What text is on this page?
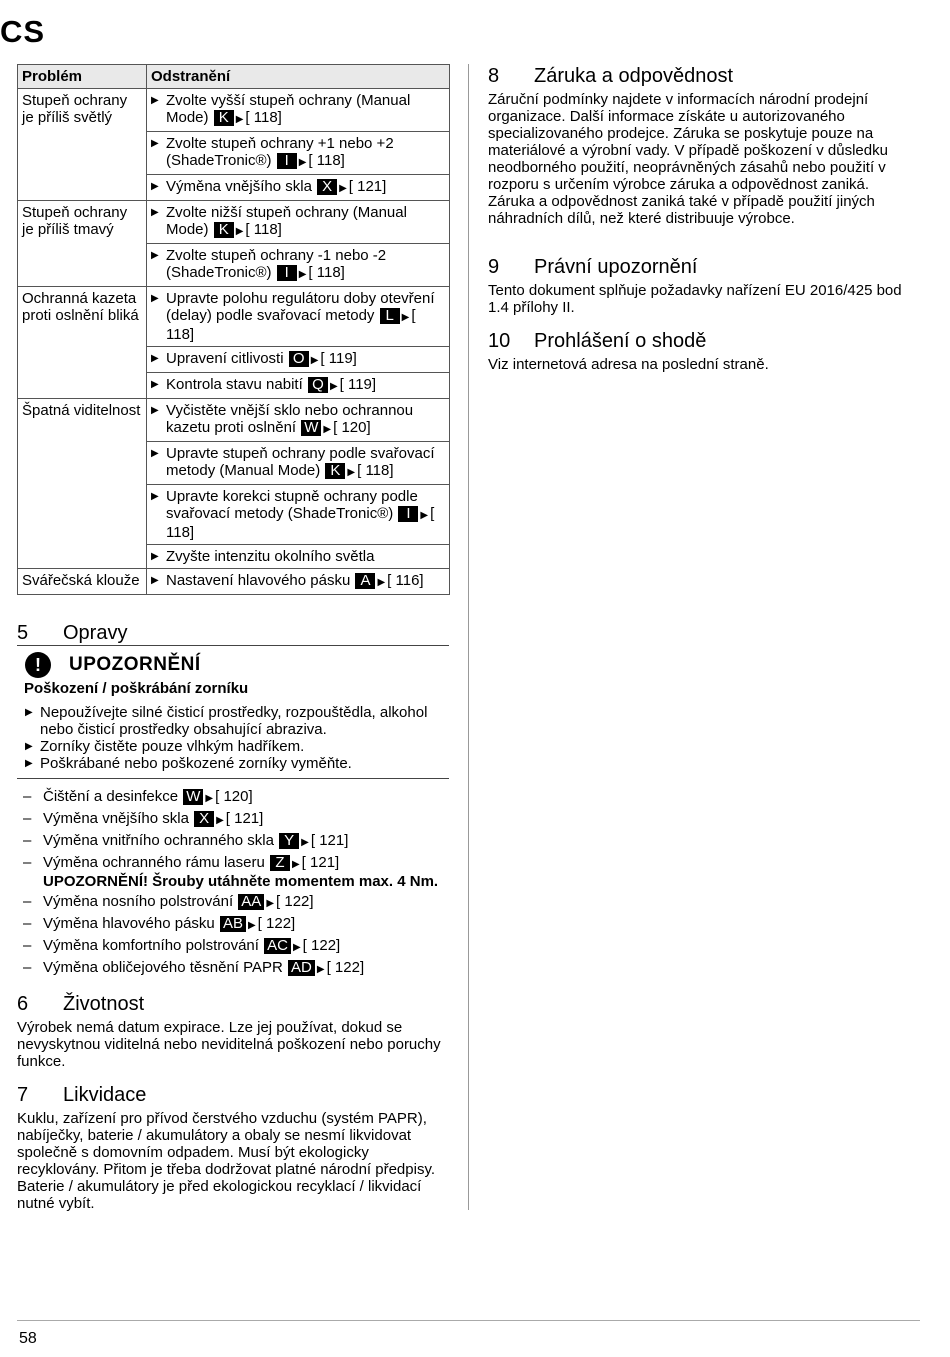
CS
Problém	Odstranění
Stupeň ochrany je příliš světlý	▶ Zvolte vyšší stupeň ochrany (Manual Mode) K ▶ [ 118]

	▶ Zvolte stupeň ochrany +1 nebo +2 (ShadeTronic®) I ▶ [ 118]

	▶ Výměna vnějšího skla X ▶ [ 121]

Stupeň ochrany je příliš tmavý	▶ Zvolte nižší stupeň ochrany (Manual Mode) K ▶ [ 118]

	▶ Zvolte stupeň ochrany -1 nebo -2 (ShadeTronic®) I ▶ [ 118]

Ochranná kazeta proti oslnění bliká	▶ Upravte polohu regulátoru doby otevření (delay) podle svařovací metody L ▶ [ 118]

	▶ Upravení citlivosti O ▶ [ 119]

	▶ Kontrola stavu nabití Q ▶ [ 119]

Špatná viditelnost	▶ Vyčistěte vnější sklo nebo ochrannou kazetu proti oslnění W ▶ [ 120]

	▶ Upravte stupeň ochrany podle svařovací metody (Manual Mode) K ▶ [ 118]

	▶ Upravte korekci stupně ochrany podle svařovací metody (ShadeTronic®) I ▶ [ 118]

	▶ Zvyšte intenzitu okolního světla

Svářečská klouže	▶ Nastavení hlavového pásku A ▶ [ 116]
5 Opravy
!	UPOZORNĚNÍ
Poškození / poškrábání zorníku
▶ Nepoužívejte silné čisticí prostředky, rozpouštědla, alkohol nebo čisticí prostředky obsahující abraziva.
▶ Zorníky čistěte pouze vlhkým hadříkem.
▶ Poškrábané nebo poškozené zorníky vyměňte.
– Čištění a desinfekce W ▶ [ 120]
– Výměna vnějšího skla X ▶ [ 121]
– Výměna vnitřního ochranného skla Y ▶ [ 121]
– Výměna ochranného rámu laseru Z ▶ [ 121]
UPOZORNĚNÍ! Šrouby utáhněte momentem max. 4 Nm.
– Výměna nosního polstrování AA ▶ [ 122]
– Výměna hlavového pásku AB ▶ [ 122]
– Výměna komfortního polstrování AC ▶ [ 122]
– Výměna obličejového těsnění PAPR AD ▶ [ 122]
6 Životnost
Výrobek nemá datum expirace. Lze jej používat, dokud se nevyskytnou viditelná nebo neviditelná poškození nebo poruchy funkce.
7 Likvidace
Kuklu, zařízení pro přívod čerstvého vzduchu (systém PAPR), nabíječky, baterie / akumulátory a obaly se nesmí likvidovat společně s domovním odpadem. Musí být ekologicky recyklovány. Přitom je třeba dodržovat platné národní předpisy. Baterie / akumulátory je před ekologickou recyklací / likvidací nutné vybít.
8 Záruka a odpovědnost
Záruční podmínky najdete v informacích národní prodejní organizace. Další informace získáte u autorizovaného specializovaného prodejce. Záruka se poskytuje pouze na materiálové a výrobní vady. V případě poškození v důsledku neodborného použití, neoprávněných zásahů nebo použití v rozporu s určením výrobce záruka a odpovědnost zaniká. Záruka a odpovědnost zaniká také v případě použití jiných náhradních dílů, než které distribuuje výrobce.
9 Právní upozornění
Tento dokument splňuje požadavky nařízení EU 2016/425 bod 1.4 přílohy II.
10 Prohlášení o shodě
Viz internetová adresa na poslední straně.
58
